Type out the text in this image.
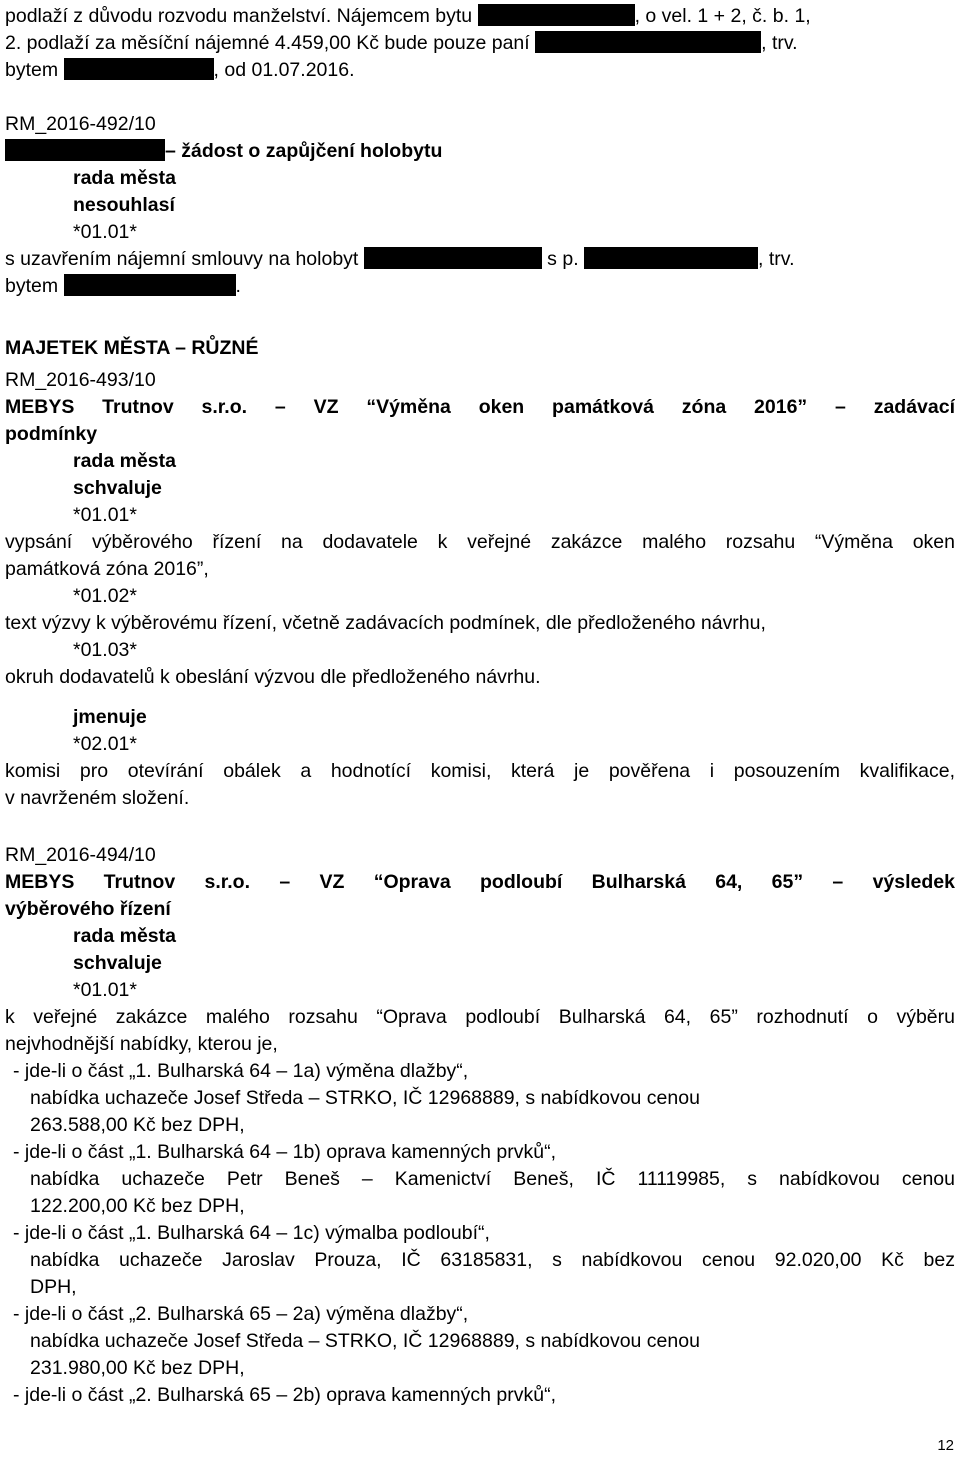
podlaží z důvodu rozvodu manželství. Nájemcem bytu	, o vel. 1 + 2, č. b. 1,
2. podlaží za měsíční nájemné 4.459,00 Kč bude pouze paní	, trv.
bytem	, od 01.07.2016.
RM_2016-492/10
– žádost o zapůjčení holobytu
rada města
nesouhlasí
*01.01*
s uzavřením nájemní smlouvy na holobyt	s p.	, trv.
bytem	.
MAJETEK MĚSTA – RŮZNÉ
RM_2016-493/10
MEBYS Trutnov s.r.o. – VZ “Výměna oken památková zóna 2016” – zadávací
podmínky
rada města
schvaluje
*01.01*
vypsání výběrového řízení na dodavatele k veřejné zakázce malého rozsahu “Výměna oken
památková zóna 2016”,
*01.02*
text výzvy k výběrovému řízení, včetně zadávacích podmínek, dle předloženého návrhu,
*01.03*
okruh dodavatelů k obeslání výzvou dle předloženého návrhu.
jmenuje
*02.01*
komisi pro otevírání obálek a hodnotící komisi, která je pověřena i posouzením kvalifikace,
v navrženém složení.
RM_2016-494/10
MEBYS Trutnov s.r.o. – VZ “Oprava podloubí Bulharská 64, 65” – výsledek
výběrového řízení
rada města
schvaluje
*01.01*
k veřejné zakázce malého rozsahu “Oprava podloubí Bulharská 64, 65” rozhodnutí o výběru
nejvhodnější nabídky, kterou je,
- jde-li o část „1. Bulharská 64 – 1a) výměna dlažby“,
nabídka uchazeče Josef Středa – STRKO, IČ 12968889, s nabídkovou cenou
263.588,00 Kč bez DPH,
- jde-li o část „1. Bulharská 64 – 1b) oprava kamenných prvků“,
nabídka uchazeče Petr Beneš – Kamenictví Beneš, IČ 11119985, s nabídkovou cenou
122.200,00 Kč bez DPH,
- jde-li o část „1. Bulharská 64 – 1c) výmalba podloubí“,
nabídka uchazeče Jaroslav Prouza, IČ 63185831, s nabídkovou cenou 92.020,00 Kč bez
DPH,
- jde-li o část „2. Bulharská 65 – 2a) výměna dlažby“,
nabídka uchazeče Josef Středa – STRKO, IČ 12968889, s nabídkovou cenou
231.980,00 Kč bez DPH,
- jde-li o část „2. Bulharská 65 – 2b) oprava kamenných prvků“,
12
